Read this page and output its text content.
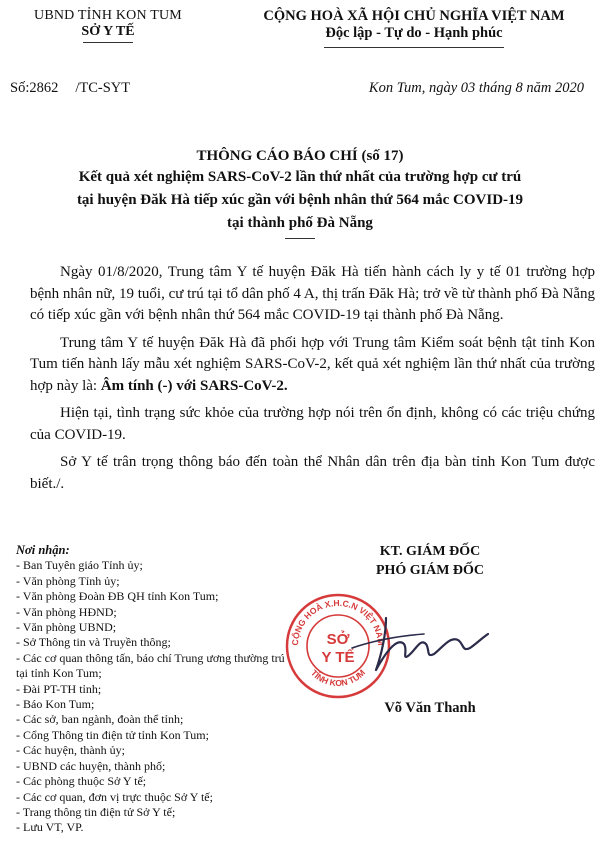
UBND TỈNH KON TUM
SỞ Y TẾ
CỘNG HOÀ XÃ HỘI CHỦ NGHĨA VIỆT NAM
Độc lập - Tự do - Hạnh phúc
Số:2862 /TC-SYT	Kon Tum, ngày 03 tháng 8 năm 2020
THÔNG CÁO BÁO CHÍ (số 17)
Kết quả xét nghiệm SARS-CoV-2 lần thứ nhất của trường hợp cư trú
tại huyện Đăk Hà tiếp xúc gần với bệnh nhân thứ 564 mắc COVID-19
tại thành phố Đà Nẵng

Ngày 01/8/2020, Trung tâm Y tế huyện Đăk Hà tiến hành cách ly y tế 01 trường hợp bệnh nhân nữ, 19 tuổi, cư trú tại tổ dân phố 4 A, thị trấn Đăk Hà; trở về từ thành phố Đà Nẵng có tiếp xúc gần với bệnh nhân thứ 564 mắc COVID-19 tại thành phố Đà Nẵng.

Trung tâm Y tế huyện Đăk Hà đã phối hợp với Trung tâm Kiểm soát bệnh tật tỉnh Kon Tum tiến hành lấy mẫu xét nghiệm SARS-CoV-2, kết quả xét nghiệm lần thứ nhất của trường hợp này là: Âm tính (-) với SARS-CoV-2.

Hiện tại, tình trạng sức khỏe của trường hợp nói trên ổn định, không có các triệu chứng của COVID-19.

Sở Y tế trân trọng thông báo đến toàn thể Nhân dân trên địa bàn tỉnh Kon Tum được biết./.

Nơi nhận:
- Ban Tuyên giáo Tỉnh ủy;
- Văn phòng Tỉnh ủy;
- Văn phòng Đoàn ĐB QH tỉnh Kon Tum;
- Văn phòng HĐND;
- Văn phòng UBND;
- Sở Thông tin và Truyền thông;
- Các cơ quan thông tấn, báo chí Trung ương thường trú tại tỉnh Kon Tum;
- Đài PT-TH tỉnh;
- Báo Kon Tum;
- Các sở, ban ngành, đoàn thể tỉnh;
- Cổng Thông tin điện tử tỉnh Kon Tum;
- Các huyện, thành ủy;
- UBND các huyện, thành phố;
- Các phòng thuộc Sở Y tế;
- Các cơ quan, đơn vị trực thuộc Sở Y tế;
- Trang thông tin điện tử Sở Y tế;
- Lưu VT, VP.
KT. GIÁM ĐỐC
PHÓ GIÁM ĐỐC
CỘNG HOÀ X.H.C.N VIỆT NAM
TỈNH KON TUM
SỞ
Y TẾ
Võ Văn Thanh
